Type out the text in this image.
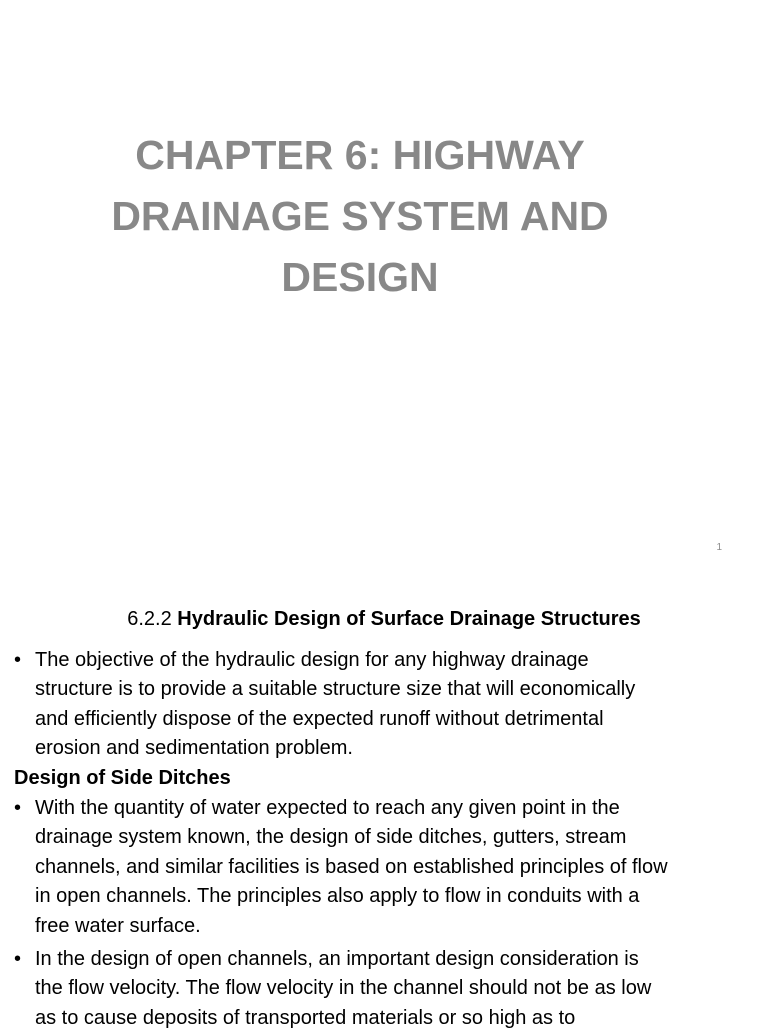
CHAPTER 6: HIGHWAY
DRAINAGE SYSTEM AND
DESIGN
1
6.2.2 Hydraulic Design of Surface Drainage Structures
• The objective of the hydraulic design for any highway drainage
structure is to provide a suitable structure size that will economically
and efficiently dispose of the expected runoff without detrimental
erosion and sedimentation problem.
Design of Side Ditches
• With the quantity of water expected to reach any given point in the
drainage system known, the design of side ditches, gutters, stream
channels, and similar facilities is based on established principles of flow
in open channels. The principles also apply to flow in conduits with a
free water surface.
• In the design of open channels, an important design consideration is
the flow velocity. The flow velocity in the channel should not be as low
as to cause deposits of transported materials or so high as to
